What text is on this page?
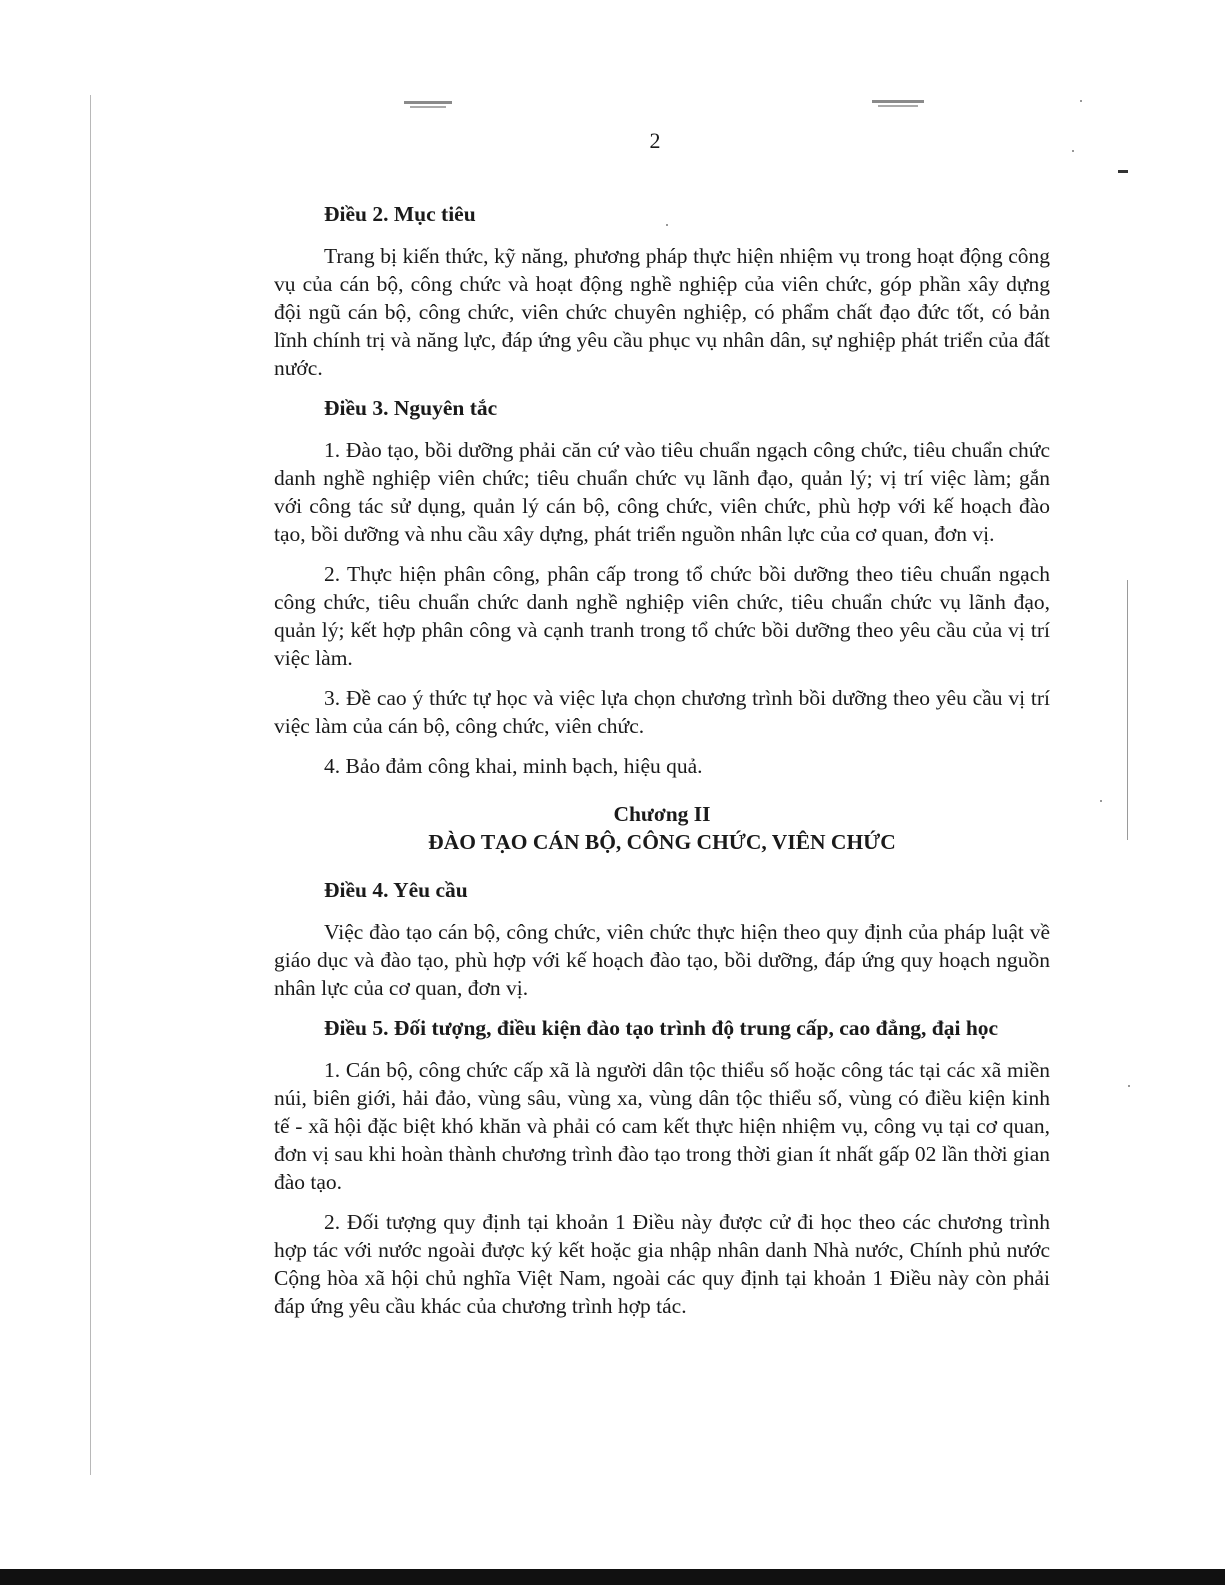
2
Điều 2. Mục tiêu

Trang bị kiến thức, kỹ năng, phương pháp thực hiện nhiệm vụ trong hoạt động công vụ của cán bộ, công chức và hoạt động nghề nghiệp của viên chức, góp phần xây dựng đội ngũ cán bộ, công chức, viên chức chuyên nghiệp, có phẩm chất đạo đức tốt, có bản lĩnh chính trị và năng lực, đáp ứng yêu cầu phục vụ nhân dân, sự nghiệp phát triển của đất nước.

Điều 3. Nguyên tắc

1. Đào tạo, bồi dưỡng phải căn cứ vào tiêu chuẩn ngạch công chức, tiêu chuẩn chức danh nghề nghiệp viên chức; tiêu chuẩn chức vụ lãnh đạo, quản lý; vị trí việc làm; gắn với công tác sử dụng, quản lý cán bộ, công chức, viên chức, phù hợp với kế hoạch đào tạo, bồi dưỡng và nhu cầu xây dựng, phát triển nguồn nhân lực của cơ quan, đơn vị.

2. Thực hiện phân công, phân cấp trong tổ chức bồi dưỡng theo tiêu chuẩn ngạch công chức, tiêu chuẩn chức danh nghề nghiệp viên chức, tiêu chuẩn chức vụ lãnh đạo, quản lý; kết hợp phân công và cạnh tranh trong tổ chức bồi dưỡng theo yêu cầu của vị trí việc làm.

3. Đề cao ý thức tự học và việc lựa chọn chương trình bồi dưỡng theo yêu cầu vị trí việc làm của cán bộ, công chức, viên chức.

4. Bảo đảm công khai, minh bạch, hiệu quả.

Chương II
ĐÀO TẠO CÁN BỘ, CÔNG CHỨC, VIÊN CHỨC
Điều 4. Yêu cầu

Việc đào tạo cán bộ, công chức, viên chức thực hiện theo quy định của pháp luật về giáo dục và đào tạo, phù hợp với kế hoạch đào tạo, bồi dưỡng, đáp ứng quy hoạch nguồn nhân lực của cơ quan, đơn vị.

Điều 5. Đối tượng, điều kiện đào tạo trình độ trung cấp, cao đẳng, đại học

1. Cán bộ, công chức cấp xã là người dân tộc thiểu số hoặc công tác tại các xã miền núi, biên giới, hải đảo, vùng sâu, vùng xa, vùng dân tộc thiểu số, vùng có điều kiện kinh tế - xã hội đặc biệt khó khăn và phải có cam kết thực hiện nhiệm vụ, công vụ tại cơ quan, đơn vị sau khi hoàn thành chương trình đào tạo trong thời gian ít nhất gấp 02 lần thời gian đào tạo.

2. Đối tượng quy định tại khoản 1 Điều này được cử đi học theo các chương trình hợp tác với nước ngoài được ký kết hoặc gia nhập nhân danh Nhà nước, Chính phủ nước Cộng hòa xã hội chủ nghĩa Việt Nam, ngoài các quy định tại khoản 1 Điều này còn phải đáp ứng yêu cầu khác của chương trình hợp tác.
